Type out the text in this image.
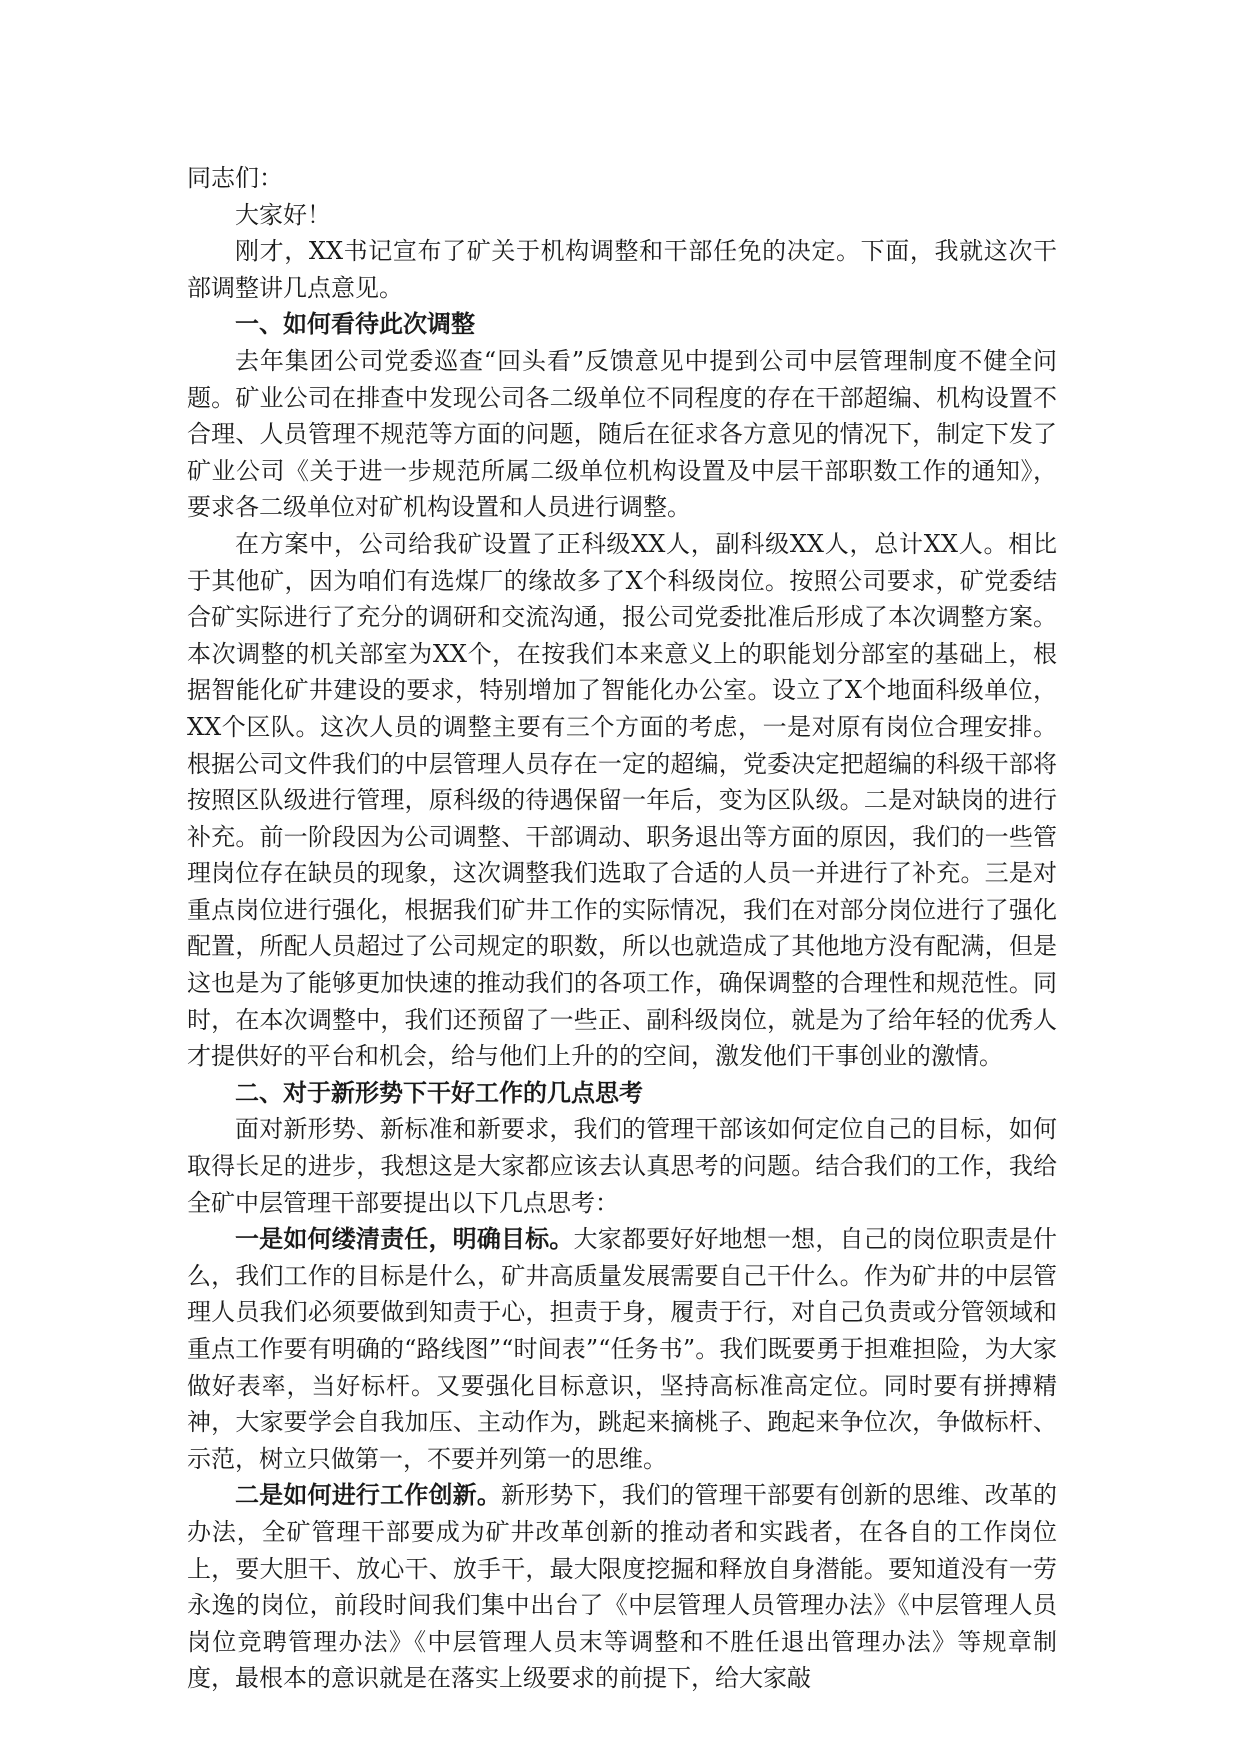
同志们：

大家好！

刚才，XX书记宣布了矿关于机构调整和干部任免的决定。下面，我就这次干部调整讲几点意见。

一、如何看待此次调整

去年集团公司党委巡查“回头看”反馈意见中提到公司中层管理制度不健全问题。矿业公司在排查中发现公司各二级单位不同程度的存在干部超编、机构设置不合理、人员管理不规范等方面的问题，随后在征求各方意见的情况下，制定下发了矿业公司《关于进一步规范所属二级单位机构设置及中层干部职数工作的通知》，要求各二级单位对矿机构设置和人员进行调整。

在方案中，公司给我矿设置了正科级XX人，副科级XX人，总计XX人。相比于其他矿，因为咱们有选煤厂的缘故多了X个科级岗位。按照公司要求，矿党委结合矿实际进行了充分的调研和交流沟通，报公司党委批准后形成了本次调整方案。本次调整的机关部室为XX个，在按我们本来意义上的职能划分部室的基础上，根据智能化矿井建设的要求，特别增加了智能化办公室。设立了X个地面科级单位，XX个区队。这次人员的调整主要有三个方面的考虑，一是对原有岗位合理安排。根据公司文件我们的中层管理人员存在一定的超编，党委决定把超编的科级干部将按照区队级进行管理，原科级的待遇保留一年后，变为区队级。二是对缺岗的进行补充。前一阶段因为公司调整、干部调动、职务退出等方面的原因，我们的一些管理岗位存在缺员的现象，这次调整我们选取了合适的人员一并进行了补充。三是对重点岗位进行强化，根据我们矿井工作的实际情况，我们在对部分岗位进行了强化配置，所配人员超过了公司规定的职数，所以也就造成了其他地方没有配满，但是这也是为了能够更加快速的推动我们的各项工作，确保调整的合理性和规范性。同时，在本次调整中，我们还预留了一些正、副科级岗位，就是为了给年轻的优秀人才提供好的平台和机会，给与他们上升的的空间，激发他们干事创业的激情。

二、对于新形势下干好工作的几点思考

面对新形势、新标准和新要求，我们的管理干部该如何定位自己的目标，如何取得长足的进步，我想这是大家都应该去认真思考的问题。结合我们的工作，我给全矿中层管理干部要提出以下几点思考：

一是如何缕清责任，明确目标。大家都要好好地想一想，自己的岗位职责是什么，我们工作的目标是什么，矿井高质量发展需要自己干什么。作为矿井的中层管理人员我们必须要做到知责于心，担责于身，履责于行，对自己负责或分管领域和重点工作要有明确的“路线图”“时间表”“任务书”。我们既要勇于担难担险，为大家做好表率，当好标杆。又要强化目标意识，坚持高标准高定位。同时要有拼搏精神，大家要学会自我加压、主动作为，跳起来摘桃子、跑起来争位次，争做标杆、示范，树立只做第一，不要并列第一的思维。

二是如何进行工作创新。新形势下，我们的管理干部要有创新的思维、改革的办法，全矿管理干部要成为矿井改革创新的推动者和实践者，在各自的工作岗位上，要大胆干、放心干、放手干，最大限度挖掘和释放自身潜能。要知道没有一劳永逸的岗位，前段时间我们集中出台了《中层管理人员管理办法》《中层管理人员岗位竞聘管理办法》《中层管理人员末等调整和不胜任退出管理办法》等规章制度，最根本的意识就是在落实上级要求的前提下，给大家敲
